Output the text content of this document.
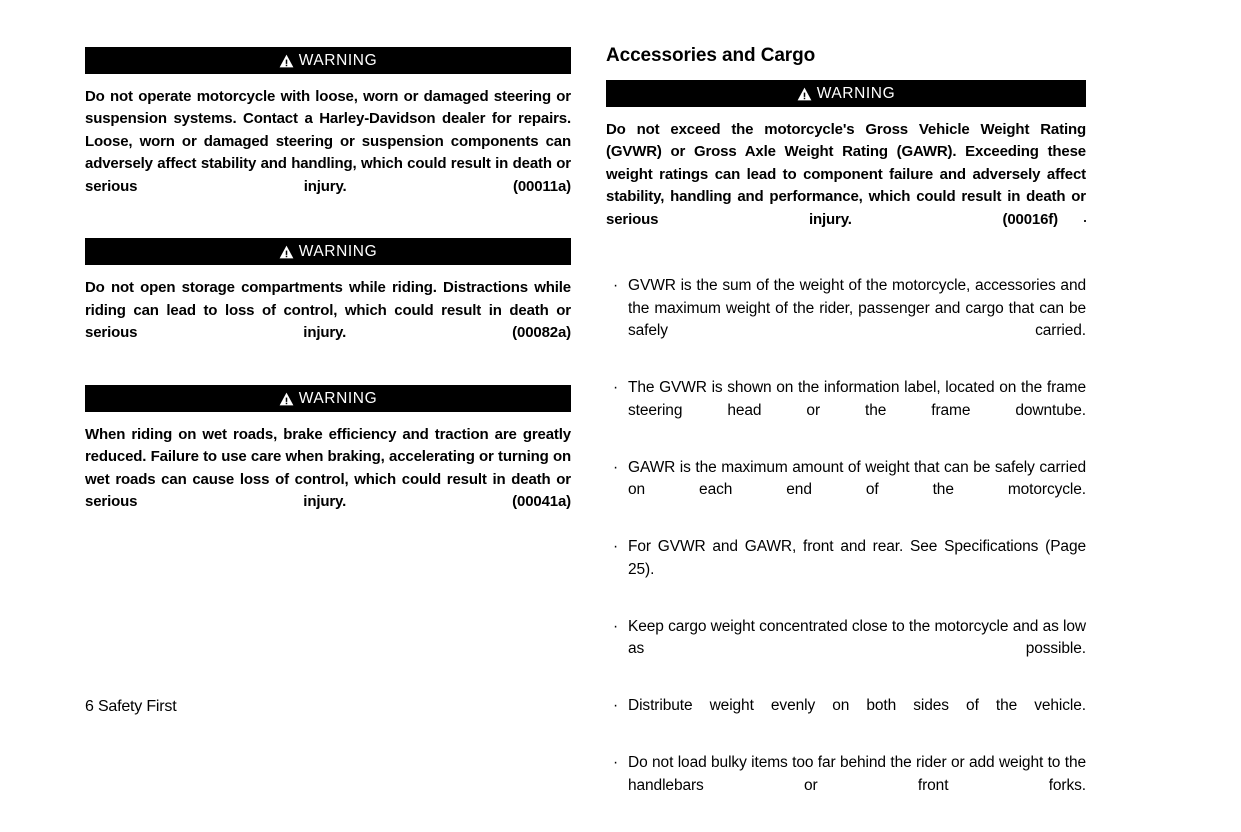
WARNING
Do not operate motorcycle with loose, worn or damaged steering or suspension systems. Contact a Harley-Davidson dealer for repairs. Loose, worn or damaged steering or suspension components can adversely affect stability and handling, which could result in death or serious injury. (00011a)
WARNING
Do not open storage compartments while riding. Distractions while riding can lead to loss of control, which could result in death or serious injury. (00082a)
WARNING
When riding on wet roads, brake efficiency and traction are greatly reduced. Failure to use care when braking, accelerating or turning on wet roads can cause loss of control, which could result in death or serious injury. (00041a)
Accessories and Cargo
WARNING
Do not exceed the motorcycle's Gross Vehicle Weight Rating (GVWR) or Gross Axle Weight Rating (GAWR). Exceeding these weight ratings can lead to component failure and adversely affect stability, handling and performance, which could result in death or serious injury. (00016f)
· GVWR is the sum of the weight of the motorcycle, accessories and the maximum weight of the rider, passenger and cargo that can be safely carried.
· The GVWR is shown on the information label, located on the frame steering head or the frame downtube.
· GAWR is the maximum amount of weight that can be safely carried on each end of the motorcycle.
· For GVWR and GAWR, front and rear. See Specifications (Page 25).
· Keep cargo weight concentrated close to the motorcycle and as low as possible.
· Distribute weight evenly on both sides of the vehicle.
· Do not load bulky items too far behind the rider or add weight to the handlebars or front forks.
6 Safety First
